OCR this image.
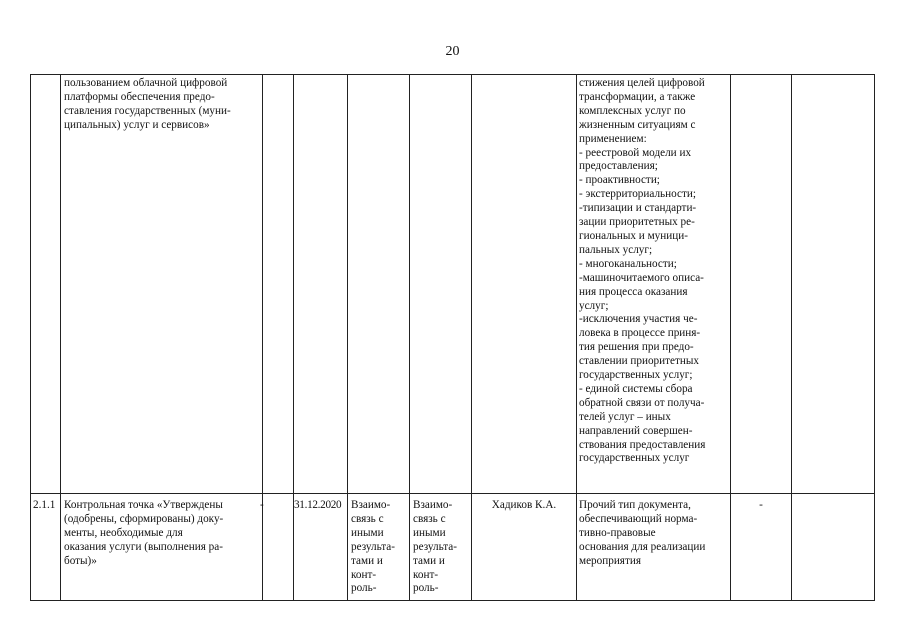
20
пользованием облачной цифровой
платформы обеспечения предо-
ставления государственных (муни-
ципальных) услуг и сервисов»
стижения целей цифровой
трансформации, а также
комплексных услуг по
жизненным ситуациям с
применением:
- реестровой модели их
предоставления;
- проактивности;
- экстерриториальности;
-типизации и стандарти-
зации приоритетных ре-
гиональных и муници-
пальных услуг;
- многоканальности;
-машиночитаемого описа-
ния процесса оказания
услуг;
-исключения участия че-
ловека в процессе приня-
тия решения при предо-
ставлении приоритетных
государственных услуг;
- единой системы сбора
обратной связи от получа-
телей услуг – иных
направлений совершен-
ствования предоставления
государственных услуг
2.1.1 Контрольная точка «Утверждены
(одобрены, сформированы) доку-
менты, необходимые для
оказания услуги (выполнения ра-
боты)»
-	31.12.2020 Взаимо-
связь с
иными
результа-
тами и
конт-
роль-
Взаимо-
связь с
иными
результа-
тами и
конт-
роль-
Хадиков К.А.	Прочий тип документа,
обеспечивающий норма-
тивно-правовые
основания для реализации
мероприятия
-
